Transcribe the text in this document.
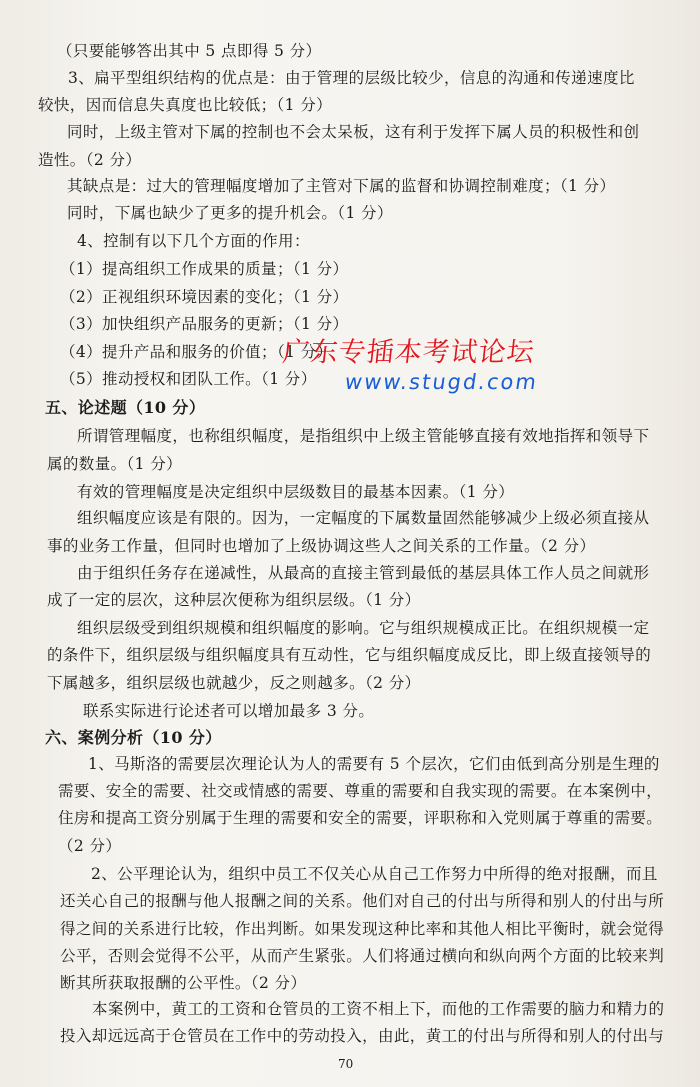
（只要能够答出其中 5 点即得 5 分）
3、扁平型组织结构的优点是：由于管理的层级比较少，信息的沟通和传递速度比
较快，因而信息失真度也比较低；（1 分）
同时，上级主管对下属的控制也不会太呆板，这有利于发挥下属人员的积极性和创
造性。（2 分）
其缺点是：过大的管理幅度增加了主管对下属的监督和协调控制难度；（1 分）
同时，下属也缺少了更多的提升机会。（1 分）
4、控制有以下几个方面的作用：
（1）提高组织工作成果的质量；（1 分）
（2）正视组织环境因素的变化；（1 分）
（3）加快组织产品服务的更新；（1 分）
（4）提升产品和服务的价值；（1 分）
（5）推动授权和团队工作。（1 分）
五、论述题（10 分）
所谓管理幅度，也称组织幅度，是指组织中上级主管能够直接有效地指挥和领导下
属的数量。（1 分）
有效的管理幅度是决定组织中层级数目的最基本因素。（1 分）
组织幅度应该是有限的。因为，一定幅度的下属数量固然能够减少上级必须直接从
事的业务工作量，但同时也增加了上级协调这些人之间关系的工作量。（2 分）
由于组织任务存在递减性，从最高的直接主管到最低的基层具体工作人员之间就形
成了一定的层次，这种层次便称为组织层级。（1 分）
组织层级受到组织规模和组织幅度的影响。它与组织规模成正比。在组织规模一定
的条件下，组织层级与组织幅度具有互动性，它与组织幅度成反比，即上级直接领导的
下属越多，组织层级也就越少，反之则越多。（2 分）
联系实际进行论述者可以增加最多 3 分。
六、案例分析（10 分）
1、马斯洛的需要层次理论认为人的需要有 5 个层次，它们由低到高分别是生理的
需要、安全的需要、社交或情感的需要、尊重的需要和自我实现的需要。在本案例中，
住房和提高工资分别属于生理的需要和安全的需要，评职称和入党则属于尊重的需要。
（2 分）
2、公平理论认为，组织中员工不仅关心从自己工作努力中所得的绝对报酬，而且
还关心自己的报酬与他人报酬之间的关系。他们对自己的付出与所得和别人的付出与所
得之间的关系进行比较，作出判断。如果发现这种比率和其他人相比平衡时，就会觉得
公平，否则会觉得不公平，从而产生紧张。人们将通过横向和纵向两个方面的比较来判
断其所获取报酬的公平性。（2 分）
本案例中，黄工的工资和仓管员的工资不相上下，而他的工作需要的脑力和精力的
投入却远远高于仓管员在工作中的劳动投入，由此，黄工的付出与所得和别人的付出与
广东专插本考试论坛
www.stugd.com
70
